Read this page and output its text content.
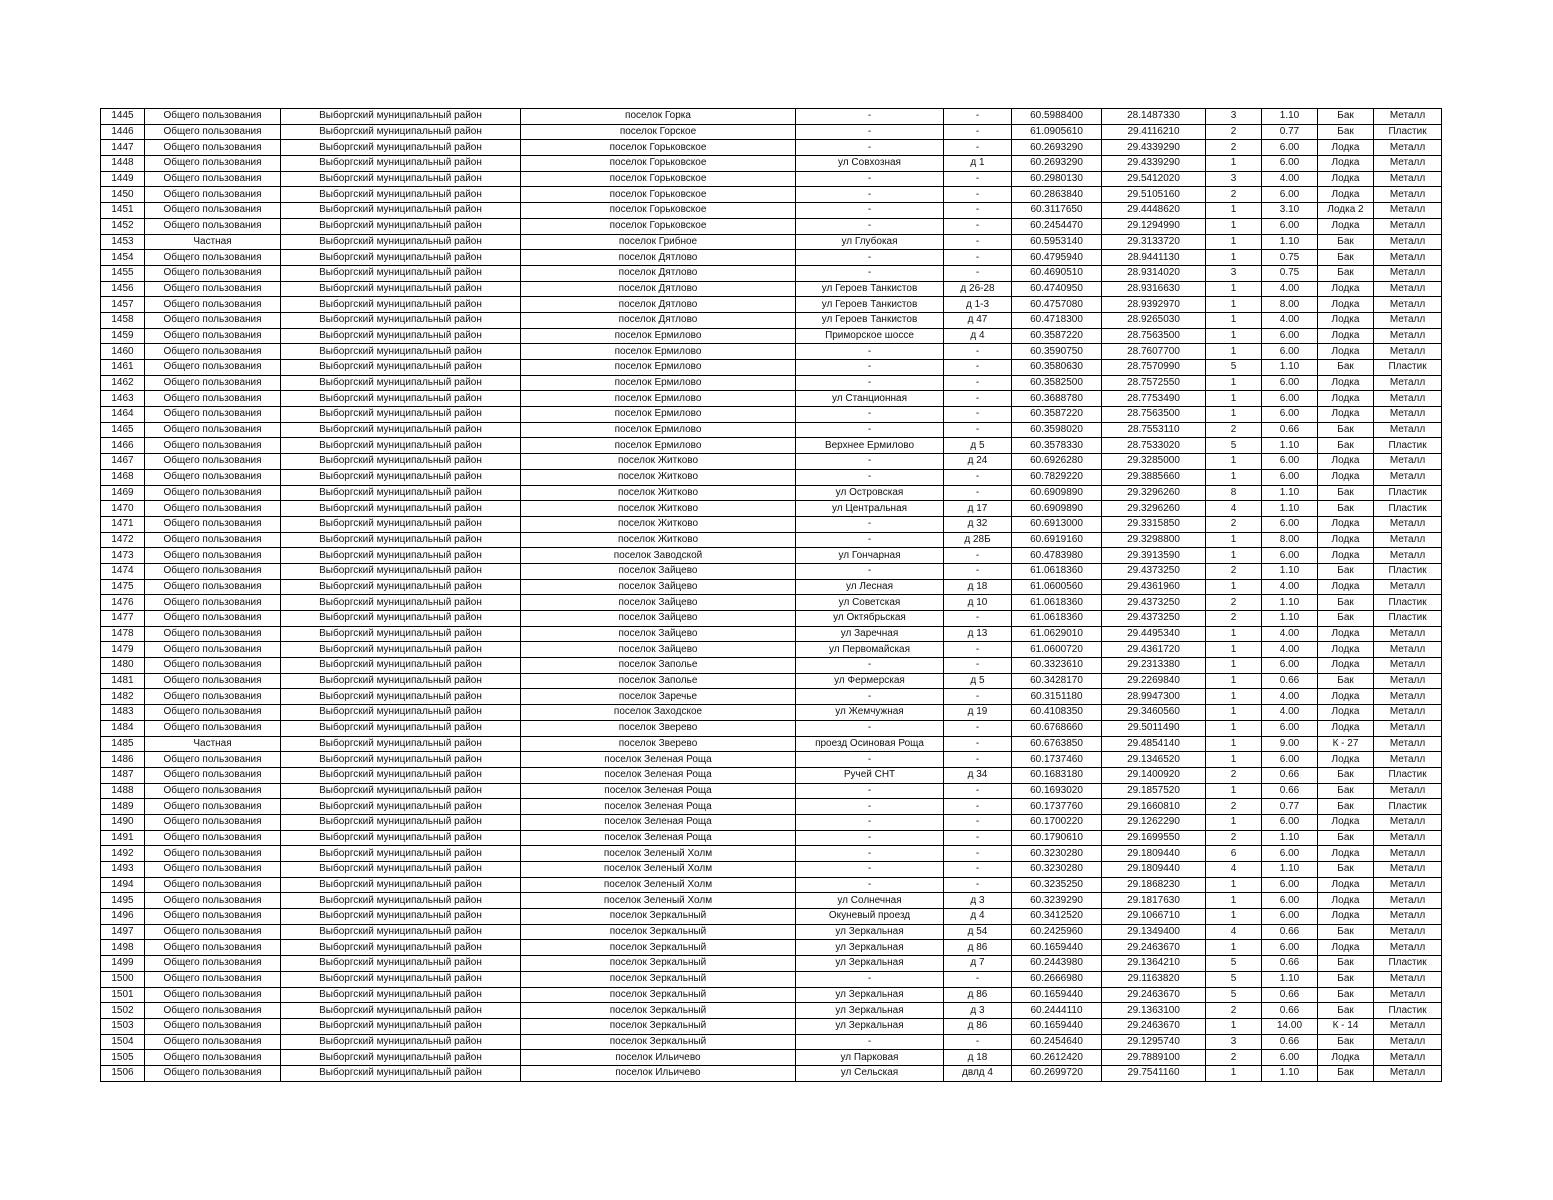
1445	Общего пользования	Выборгский муниципальный район	поселок Горка	-	-	60.5988400	28.1487330	3	1.10	Бак	Металл
1446	Общего пользования	Выборгский муниципальный район	поселок Горское	-	-	61.0905610	29.4116210	2	0.77	Бак	Пластик
1447	Общего пользования	Выборгский муниципальный район	поселок Горьковское	-	-	60.2693290	29.4339290	2	6.00	Лодка	Металл
1448	Общего пользования	Выборгский муниципальный район	поселок Горьковское	ул Совхозная	д 1	60.2693290	29.4339290	1	6.00	Лодка	Металл
1449	Общего пользования	Выборгский муниципальный район	поселок Горьковское	-	-	60.2980130	29.5412020	3	4.00	Лодка	Металл
1450	Общего пользования	Выборгский муниципальный район	поселок Горьковское	-	-	60.2863840	29.5105160	2	6.00	Лодка	Металл
1451	Общего пользования	Выборгский муниципальный район	поселок Горьковское	-	-	60.3117650	29.4448620	1	3.10	Лодка 2	Металл
1452	Общего пользования	Выборгский муниципальный район	поселок Горьковское	-	-	60.2454470	29.1294990	1	6.00	Лодка	Металл
1453	Частная	Выборгский муниципальный район	поселок Грибное	ул Глубокая	-	60.5953140	29.3133720	1	1.10	Бак	Металл
1454	Общего пользования	Выборгский муниципальный район	поселок Дятлово	-	-	60.4795940	28.9441130	1	0.75	Бак	Металл
1455	Общего пользования	Выборгский муниципальный район	поселок Дятлово	-	-	60.4690510	28.9314020	3	0.75	Бак	Металл
1456	Общего пользования	Выборгский муниципальный район	поселок Дятлово	ул Героев Танкистов	д 26-28	60.4740950	28.9316630	1	4.00	Лодка	Металл
1457	Общего пользования	Выборгский муниципальный район	поселок Дятлово	ул Героев Танкистов	д 1-3	60.4757080	28.9392970	1	8.00	Лодка	Металл
1458	Общего пользования	Выборгский муниципальный район	поселок Дятлово	ул Героев Танкистов	д 47	60.4718300	28.9265030	1	4.00	Лодка	Металл
1459	Общего пользования	Выборгский муниципальный район	поселок Ермилово	Приморское шоссе	д 4	60.3587220	28.7563500	1	6.00	Лодка	Металл
1460	Общего пользования	Выборгский муниципальный район	поселок Ермилово	-	-	60.3590750	28.7607700	1	6.00	Лодка	Металл
1461	Общего пользования	Выборгский муниципальный район	поселок Ермилово	-	-	60.3580630	28.7570990	5	1.10	Бак	Пластик
1462	Общего пользования	Выборгский муниципальный район	поселок Ермилово	-	-	60.3582500	28.7572550	1	6.00	Лодка	Металл
1463	Общего пользования	Выборгский муниципальный район	поселок Ермилово	ул Станционная	-	60.3688780	28.7753490	1	6.00	Лодка	Металл
1464	Общего пользования	Выборгский муниципальный район	поселок Ермилово	-	-	60.3587220	28.7563500	1	6.00	Лодка	Металл
1465	Общего пользования	Выборгский муниципальный район	поселок Ермилово	-	-	60.3598020	28.7553110	2	0.66	Бак	Металл
1466	Общего пользования	Выборгский муниципальный район	поселок Ермилово	Верхнее Ермилово	д 5	60.3578330	28.7533020	5	1.10	Бак	Пластик
1467	Общего пользования	Выборгский муниципальный район	поселок Житково	-	д 24	60.6926280	29.3285000	1	6.00	Лодка	Металл
1468	Общего пользования	Выборгский муниципальный район	поселок Житково	-	-	60.7829220	29.3885660	1	6.00	Лодка	Металл
1469	Общего пользования	Выборгский муниципальный район	поселок Житково	ул Островская	-	60.6909890	29.3296260	8	1.10	Бак	Пластик
1470	Общего пользования	Выборгский муниципальный район	поселок Житково	ул Центральная	д 17	60.6909890	29.3296260	4	1.10	Бак	Пластик
1471	Общего пользования	Выборгский муниципальный район	поселок Житково	-	д 32	60.6913000	29.3315850	2	6.00	Лодка	Металл
1472	Общего пользования	Выборгский муниципальный район	поселок Житково	-	д 28Б	60.6919160	29.3298800	1	8.00	Лодка	Металл
1473	Общего пользования	Выборгский муниципальный район	поселок Заводской	ул Гончарная	-	60.4783980	29.3913590	1	6.00	Лодка	Металл
1474	Общего пользования	Выборгский муниципальный район	поселок Зайцево	-	-	61.0618360	29.4373250	2	1.10	Бак	Пластик
1475	Общего пользования	Выборгский муниципальный район	поселок Зайцево	ул Лесная	д 18	61.0600560	29.4361960	1	4.00	Лодка	Металл
1476	Общего пользования	Выборгский муниципальный район	поселок Зайцево	ул Советская	д 10	61.0618360	29.4373250	2	1.10	Бак	Пластик
1477	Общего пользования	Выборгский муниципальный район	поселок Зайцево	ул Октябрьская	-	61.0618360	29.4373250	2	1.10	Бак	Пластик
1478	Общего пользования	Выборгский муниципальный район	поселок Зайцево	ул Заречная	д 13	61.0629010	29.4495340	1	4.00	Лодка	Металл
1479	Общего пользования	Выборгский муниципальный район	поселок Зайцево	ул Первомайская	-	61.0600720	29.4361720	1	4.00	Лодка	Металл
1480	Общего пользования	Выборгский муниципальный район	поселок Заполье	-	-	60.3323610	29.2313380	1	6.00	Лодка	Металл
1481	Общего пользования	Выборгский муниципальный район	поселок Заполье	ул Фермерская	д 5	60.3428170	29.2269840	1	0.66	Бак	Металл
1482	Общего пользования	Выборгский муниципальный район	поселок Заречье	-	-	60.3151180	28.9947300	1	4.00	Лодка	Металл
1483	Общего пользования	Выборгский муниципальный район	поселок Заходское	ул Жемчужная	д 19	60.4108350	29.3460560	1	4.00	Лодка	Металл
1484	Общего пользования	Выборгский муниципальный район	поселок Зверево	-	-	60.6768660	29.5011490	1	6.00	Лодка	Металл
1485	Частная	Выборгский муниципальный район	поселок Зверево	проезд Осиновая Роща	-	60.6763850	29.4854140	1	9.00	К - 27	Металл
1486	Общего пользования	Выборгский муниципальный район	поселок Зеленая Роща	-	-	60.1737460	29.1346520	1	6.00	Лодка	Металл
1487	Общего пользования	Выборгский муниципальный район	поселок Зеленая Роща	Ручей СНТ	д 34	60.1683180	29.1400920	2	0.66	Бак	Пластик
1488	Общего пользования	Выборгский муниципальный район	поселок Зеленая Роща	-	-	60.1693020	29.1857520	1	0.66	Бак	Металл
1489	Общего пользования	Выборгский муниципальный район	поселок Зеленая Роща	-	-	60.1737760	29.1660810	2	0.77	Бак	Пластик
1490	Общего пользования	Выборгский муниципальный район	поселок Зеленая Роща	-	-	60.1700220	29.1262290	1	6.00	Лодка	Металл
1491	Общего пользования	Выборгский муниципальный район	поселок Зеленая Роща	-	-	60.1790610	29.1699550	2	1.10	Бак	Металл
1492	Общего пользования	Выборгский муниципальный район	поселок Зеленый Холм	-	-	60.3230280	29.1809440	6	6.00	Лодка	Металл
1493	Общего пользования	Выборгский муниципальный район	поселок Зеленый Холм	-	-	60.3230280	29.1809440	4	1.10	Бак	Металл
1494	Общего пользования	Выборгский муниципальный район	поселок Зеленый Холм	-	-	60.3235250	29.1868230	1	6.00	Лодка	Металл
1495	Общего пользования	Выборгский муниципальный район	поселок Зеленый Холм	ул Солнечная	д 3	60.3239290	29.1817630	1	6.00	Лодка	Металл
1496	Общего пользования	Выборгский муниципальный район	поселок Зеркальный	Окуневый проезд	д 4	60.3412520	29.1066710	1	6.00	Лодка	Металл
1497	Общего пользования	Выборгский муниципальный район	поселок Зеркальный	ул Зеркальная	д 54	60.2425960	29.1349400	4	0.66	Бак	Металл
1498	Общего пользования	Выборгский муниципальный район	поселок Зеркальный	ул Зеркальная	д 86	60.1659440	29.2463670	1	6.00	Лодка	Металл
1499	Общего пользования	Выборгский муниципальный район	поселок Зеркальный	ул Зеркальная	д 7	60.2443980	29.1364210	5	0.66	Бак	Пластик
1500	Общего пользования	Выборгский муниципальный район	поселок Зеркальный	-	-	60.2666980	29.1163820	5	1.10	Бак	Металл
1501	Общего пользования	Выборгский муниципальный район	поселок Зеркальный	ул Зеркальная	д 86	60.1659440	29.2463670	5	0.66	Бак	Металл
1502	Общего пользования	Выборгский муниципальный район	поселок Зеркальный	ул Зеркальная	д 3	60.2444110	29.1363100	2	0.66	Бак	Пластик
1503	Общего пользования	Выборгский муниципальный район	поселок Зеркальный	ул Зеркальная	д 86	60.1659440	29.2463670	1	14.00	К - 14	Металл
1504	Общего пользования	Выборгский муниципальный район	поселок Зеркальный	-	-	60.2454640	29.1295740	3	0.66	Бак	Металл
1505	Общего пользования	Выборгский муниципальный район	поселок Ильичево	ул Парковая	д 18	60.2612420	29.7889100	2	6.00	Лодка	Металл
1506	Общего пользования	Выборгский муниципальный район	поселок Ильичево	ул Сельская	двлд 4	60.2699720	29.7541160	1	1.10	Бак	Металл
